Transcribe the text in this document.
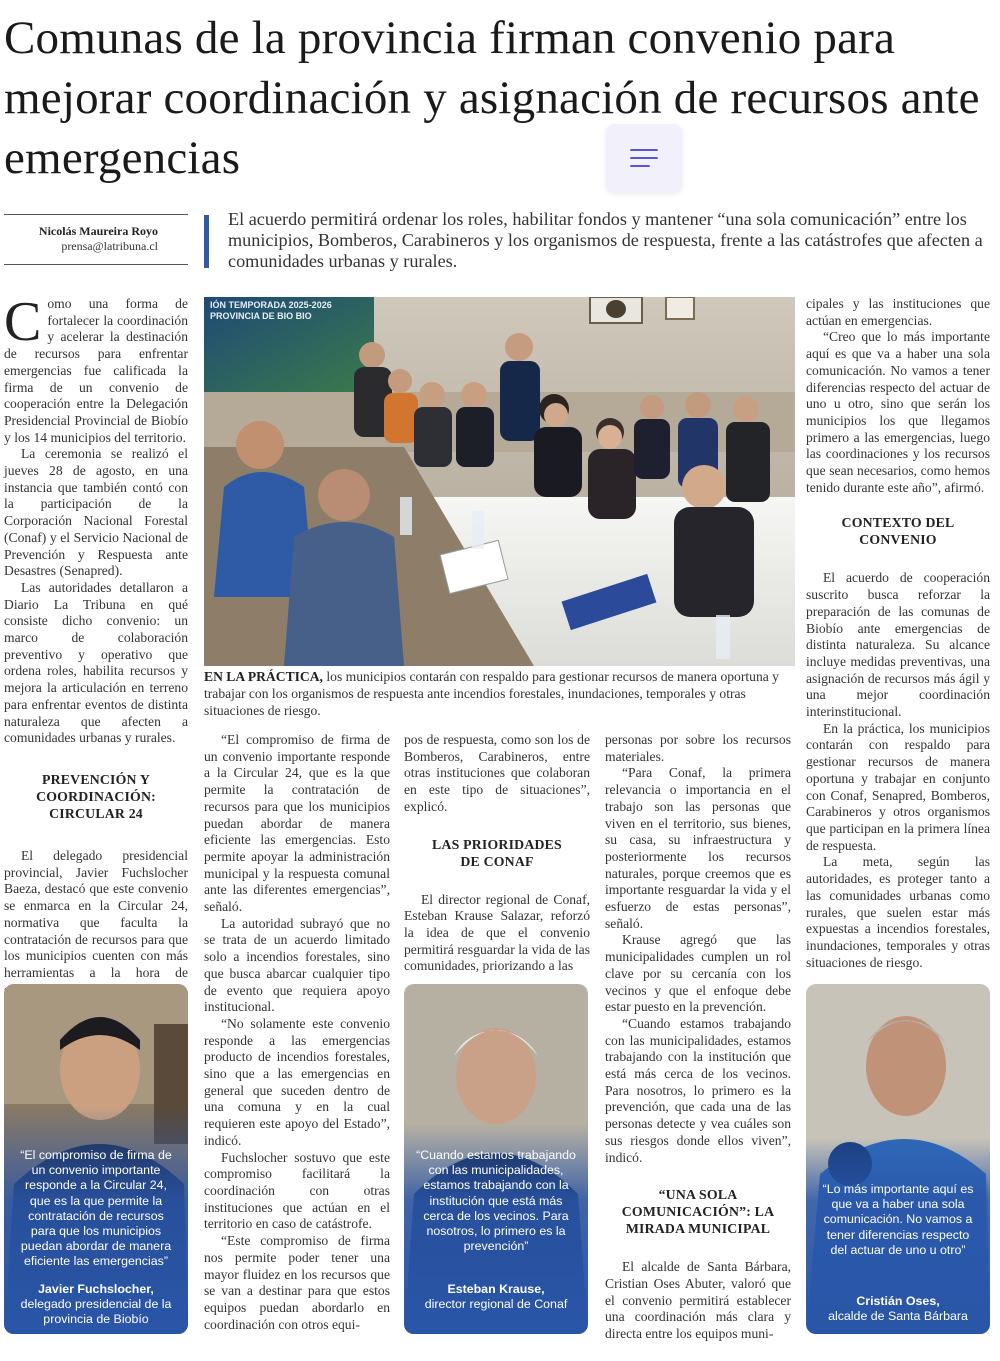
Comunas de la provincia firman convenio para mejorar coordinación y asignación de recursos ante emergencias
Nicolás Maureira Royo
prensa@latribuna.cl

El acuerdo permitirá ordenar los roles, habilitar fondos y mantener “una sola comunicación” entre los municipios, Bomberos, Carabineros y los organismos de respuesta, frente a las catástrofes que afecten a comunidades urbanas y rurales.

Como una forma de fortalecer la coordinación y acelerar la destinación de recursos para enfrentar emergencias fue calificada la firma de un convenio de cooperación entre la Delegación Presidencial Provincial de Biobío y los 14 municipios del territorio.

La ceremonia se realizó el jueves 28 de agosto, en una instancia que también contó con la participación de la Corporación Nacional Forestal (Conaf) y el Servicio Nacional de Prevención y Respuesta ante Desastres (Senapred).

Las autoridades detallaron a Diario La Tribuna en qué consiste dicho convenio: un marco de colaboración preventivo y operativo que ordena roles, habilita recursos y mejora la articulación en terreno para enfrentar eventos de distinta naturaleza que afecten a comunidades urbanas y rurales.

PREVENCIÓN Y COORDINACIÓN: CIRCULAR 24

El delegado presidencial provincial, Javier Fuchslocher Baeza, destacó que este convenio se enmarca en la Circular 24, normativa que faculta la contratación de recursos para que los municipios cuenten con más herramientas a la hora de

IÓN TEMPORADA 2025-2026
PROVINCIA DE BIO BIO
EN LA PRÁCTICA, los municipios contarán con respaldo para gestionar recursos de manera oportuna y trabajar con los organismos de respuesta ante incendios forestales, inundaciones, temporales y otras situaciones de riesgo.

“El compromiso de firma de un convenio importante responde a la Circular 24, que es la que permite la contratación de recursos para que los municipios puedan abordar de manera eficiente las emergencias. Esto permite apoyar la administración municipal y la respuesta comunal ante las diferentes emergencias”, señaló.

La autoridad subrayó que no se trata de un acuerdo limitado solo a incendios forestales, sino que busca abarcar cualquier tipo de evento que requiera apoyo institucional.

“No solamente este convenio responde a las emergencias producto de incendios forestales, sino que a las emergencias en general que suceden dentro de una comuna y en la cual requieren este apoyo del Estado”, indicó.

Fuchslocher sostuvo que este compromiso facilitará la coordinación con otras instituciones que actúan en el territorio en caso de catástrofe.

“Este compromiso de firma nos permite poder tener una mayor fluidez en los recursos que se van a destinar para que estos equipos puedan abordarlo en coordinación con otros equi-

pos de respuesta, como son los de Bomberos, Carabineros, entre otras instituciones que colaboran en este tipo de situaciones”, explicó.

LAS PRIORIDADES DE CONAF

El director regional de Conaf, Esteban Krause Salazar, reforzó la idea de que el convenio permitirá resguardar la vida de las comunidades, priorizando a las

personas por sobre los recursos materiales.

“Para Conaf, la primera relevancia o importancia en el trabajo son las personas que viven en el territorio, sus bienes, su casa, su infraestructura y posteriormente los recursos naturales, porque creemos que es importante resguardar la vida y el esfuerzo de estas personas”, señaló.

Krause agregó que las municipalidades cumplen un rol clave por su cercanía con los vecinos y que el enfoque debe estar puesto en la prevención.

“Cuando estamos trabajando con las municipalidades, estamos trabajando con la institución que está más cerca de los vecinos. Para nosotros, lo primero es la prevención, que cada una de las personas detecte y vea cuáles son sus riesgos donde ellos viven”, indicó.

“UNA SOLA COMUNICACIÓN”: LA MIRADA MUNICIPAL

El alcalde de Santa Bárbara, Cristian Oses Abuter, valoró que el convenio permitirá establecer una coordinación más clara y directa entre los equipos muni-

cipales y las instituciones que actúan en emergencias.

“Creo que lo más importante aquí es que va a haber una sola comunicación. No vamos a tener diferencias respecto del actuar de uno u otro, sino que serán los municipios los que llegamos primero a las emergencias, luego las coordinaciones y los recursos que sean necesarios, como hemos tenido durante este año”, afirmó.

CONTEXTO DEL CONVENIO

El acuerdo de cooperación suscrito busca reforzar la preparación de las comunas de Biobío ante emergencias de distinta naturaleza. Su alcance incluye medidas preventivas, una asignación de recursos más ágil y una mejor coordinación interinstitucional.

En la práctica, los municipios contarán con respaldo para gestionar recursos de manera oportuna y trabajar en conjunto con Conaf, Senapred, Bomberos, Carabineros y otros organismos que participan en la primera línea de respuesta.

La meta, según las autoridades, es proteger tanto a las comunidades urbanas como rurales, que suelen estar más expuestas a incendios forestales, inundaciones, temporales y otras situaciones de riesgo.

“El compromiso de firma de un convenio importante responde a la Circular 24, que es la que permite la contratación de recursos para que los municipios puedan abordar de manera eficiente las emergencias”
Javier Fuchslocher,
delegado presidencial de la provincia de Biobío
“Cuando estamos trabajando con las municipalidades, estamos trabajando con la institución que está más cerca de los vecinos. Para nosotros, lo primero es la prevención”
Esteban Krause,
director regional de Conaf
“Lo más importante aquí es que va a haber una sola comunicación. No vamos a tener diferencias respecto del actuar de uno u otro”
Cristián Oses,
alcalde de Santa Bárbara
